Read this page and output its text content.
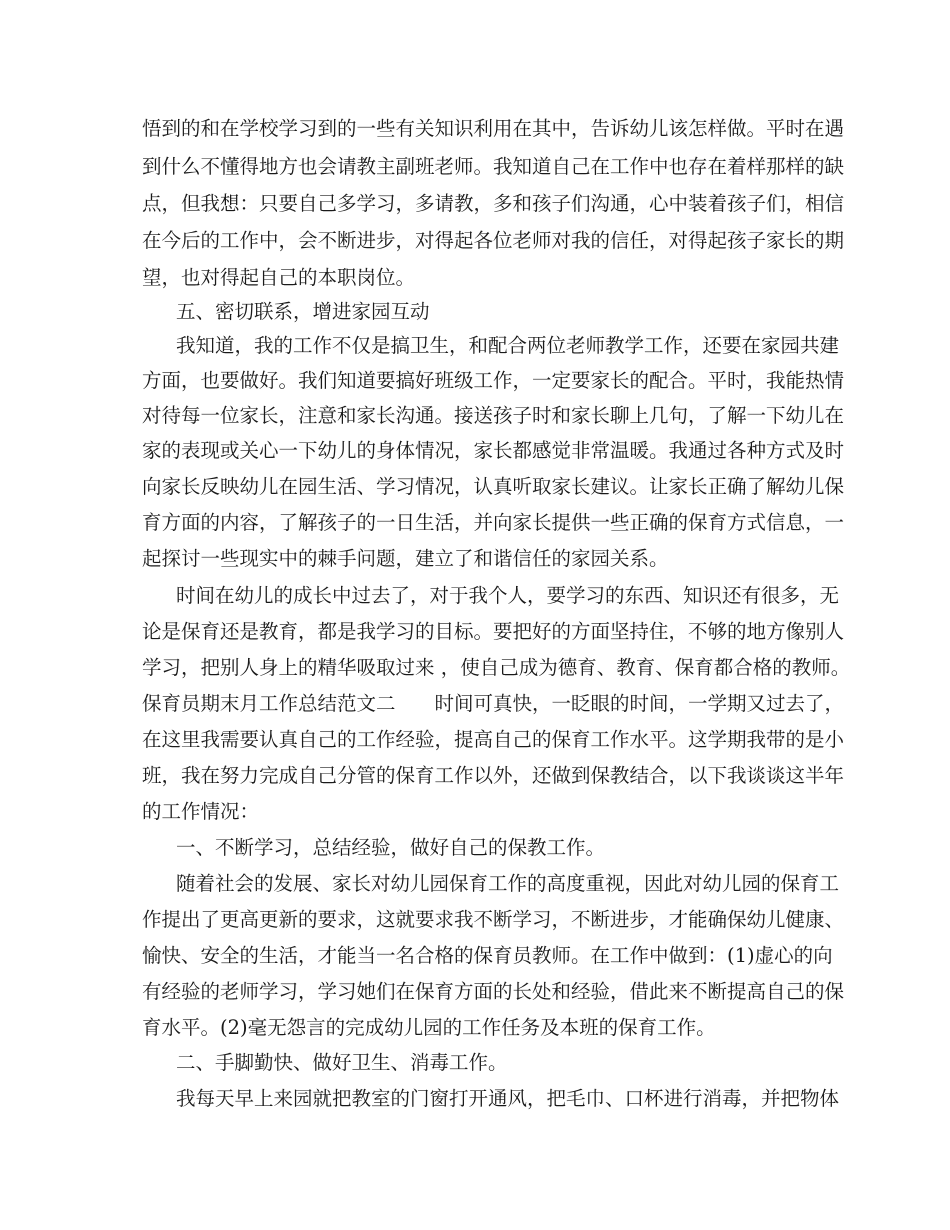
悟到的和在学校学习到的一些有关知识利用在其中，告诉幼儿该怎样做。平时在遇
到什么不懂得地方也会请教主副班老师。我知道自己在工作中也存在着样那样的缺
点，但我想：只要自己多学习，多请教，多和孩子们沟通，心中装着孩子们，相信
在今后的工作中，会不断进步，对得起各位老师对我的信任，对得起孩子家长的期
望，也对得起自己的本职岗位。
五、密切联系，增进家园互动
我知道，我的工作不仅是搞卫生，和配合两位老师教学工作，还要在家园共建
方面，也要做好。我们知道要搞好班级工作，一定要家长的配合。平时，我能热情
对待每一位家长，注意和家长沟通。接送孩子时和家长聊上几句，了解一下幼儿在
家的表现或关心一下幼儿的身体情况，家长都感觉非常温暖。我通过各种方式及时
向家长反映幼儿在园生活、学习情况，认真听取家长建议。让家长正确了解幼儿保
育方面的内容，了解孩子的一日生活，并向家长提供一些正确的保育方式信息，一
起探讨一些现实中的棘手问题，建立了和谐信任的家园关系。
时间在幼儿的成长中过去了，对于我个人，要学习的东西、知识还有很多，无
论是保育还是教育，都是我学习的目标。要把好的方面坚持住，不够的地方像别人
学习，把别人身上的精华吸取过来 ，使自己成为德育、教育、保育都合格的教师。
保育员期末月工作总结范文二　　时间可真快，一眨眼的时间，一学期又过去了，
在这里我需要认真自己的工作经验，提高自己的保育工作水平。这学期我带的是小
班，我在努力完成自己分管的保育工作以外，还做到保教结合，以下我谈谈这半年
的工作情况：
一、不断学习，总结经验，做好自己的保教工作。
随着社会的发展、家长对幼儿园保育工作的高度重视，因此对幼儿园的保育工
作提出了更高更新的要求，这就要求我不断学习，不断进步，才能确保幼儿健康、
愉快、安全的生活，才能当一名合格的保育员教师。在工作中做到：(1)虚心的向
有经验的老师学习，学习她们在保育方面的长处和经验，借此来不断提高自己的保
育水平。(2)毫无怨言的完成幼儿园的工作任务及本班的保育工作。
二、手脚勤快、做好卫生、消毒工作。
我每天早上来园就把教室的门窗打开通风，把毛巾、口杯进行消毒，并把物体
